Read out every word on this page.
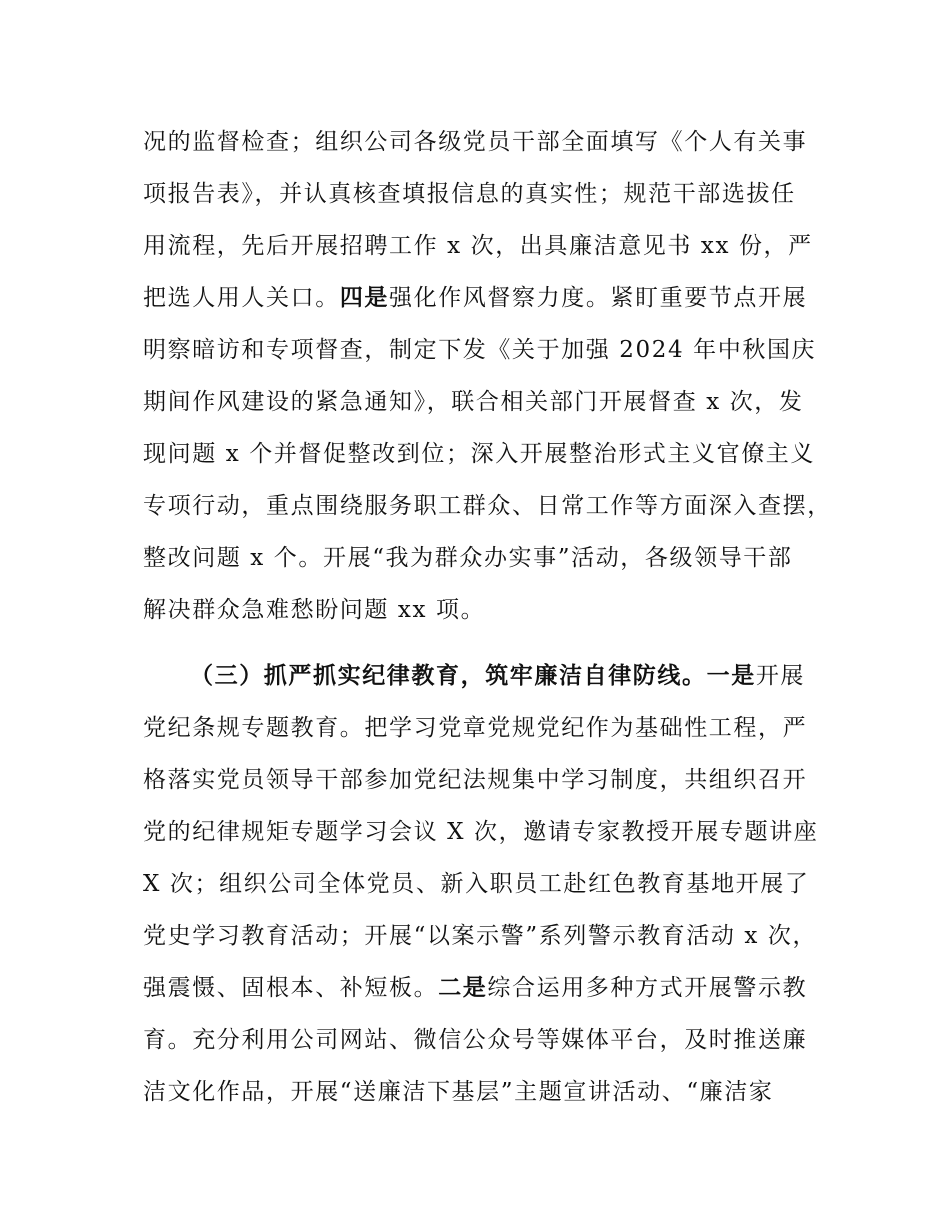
况的监督检查；组织公司各级党员干部全面填写《个人有关事
项报告表》，并认真核查填报信息的真实性；规范干部选拔任
用流程，先后开展招聘工作 x 次，出具廉洁意见书 xx 份，严
把选人用人关口。四是强化作风督察力度。紧盯重要节点开展
明察暗访和专项督查，制定下发《关于加强 2024 年中秋国庆
期间作风建设的紧急通知》，联合相关部门开展督查 x 次，发
现问题 x 个并督促整改到位；深入开展整治形式主义官僚主义
专项行动，重点围绕服务职工群众、日常工作等方面深入查摆，
整改问题 x 个。开展“我为群众办实事”活动，各级领导干部
解决群众急难愁盼问题 xx 项。
（三）抓严抓实纪律教育，筑牢廉洁自律防线。一是开展
党纪条规专题教育。把学习党章党规党纪作为基础性工程，严
格落实党员领导干部参加党纪法规集中学习制度，共组织召开
党的纪律规矩专题学习会议 X 次，邀请专家教授开展专题讲座
X 次；组织公司全体党员、新入职员工赴红色教育基地开展了
党史学习教育活动；开展“以案示警”系列警示教育活动 x 次，
强震慑、固根本、补短板。二是综合运用多种方式开展警示教
育。充分利用公司网站、微信公众号等媒体平台，及时推送廉
洁文化作品，开展“送廉洁下基层”主题宣讲活动、“廉洁家
